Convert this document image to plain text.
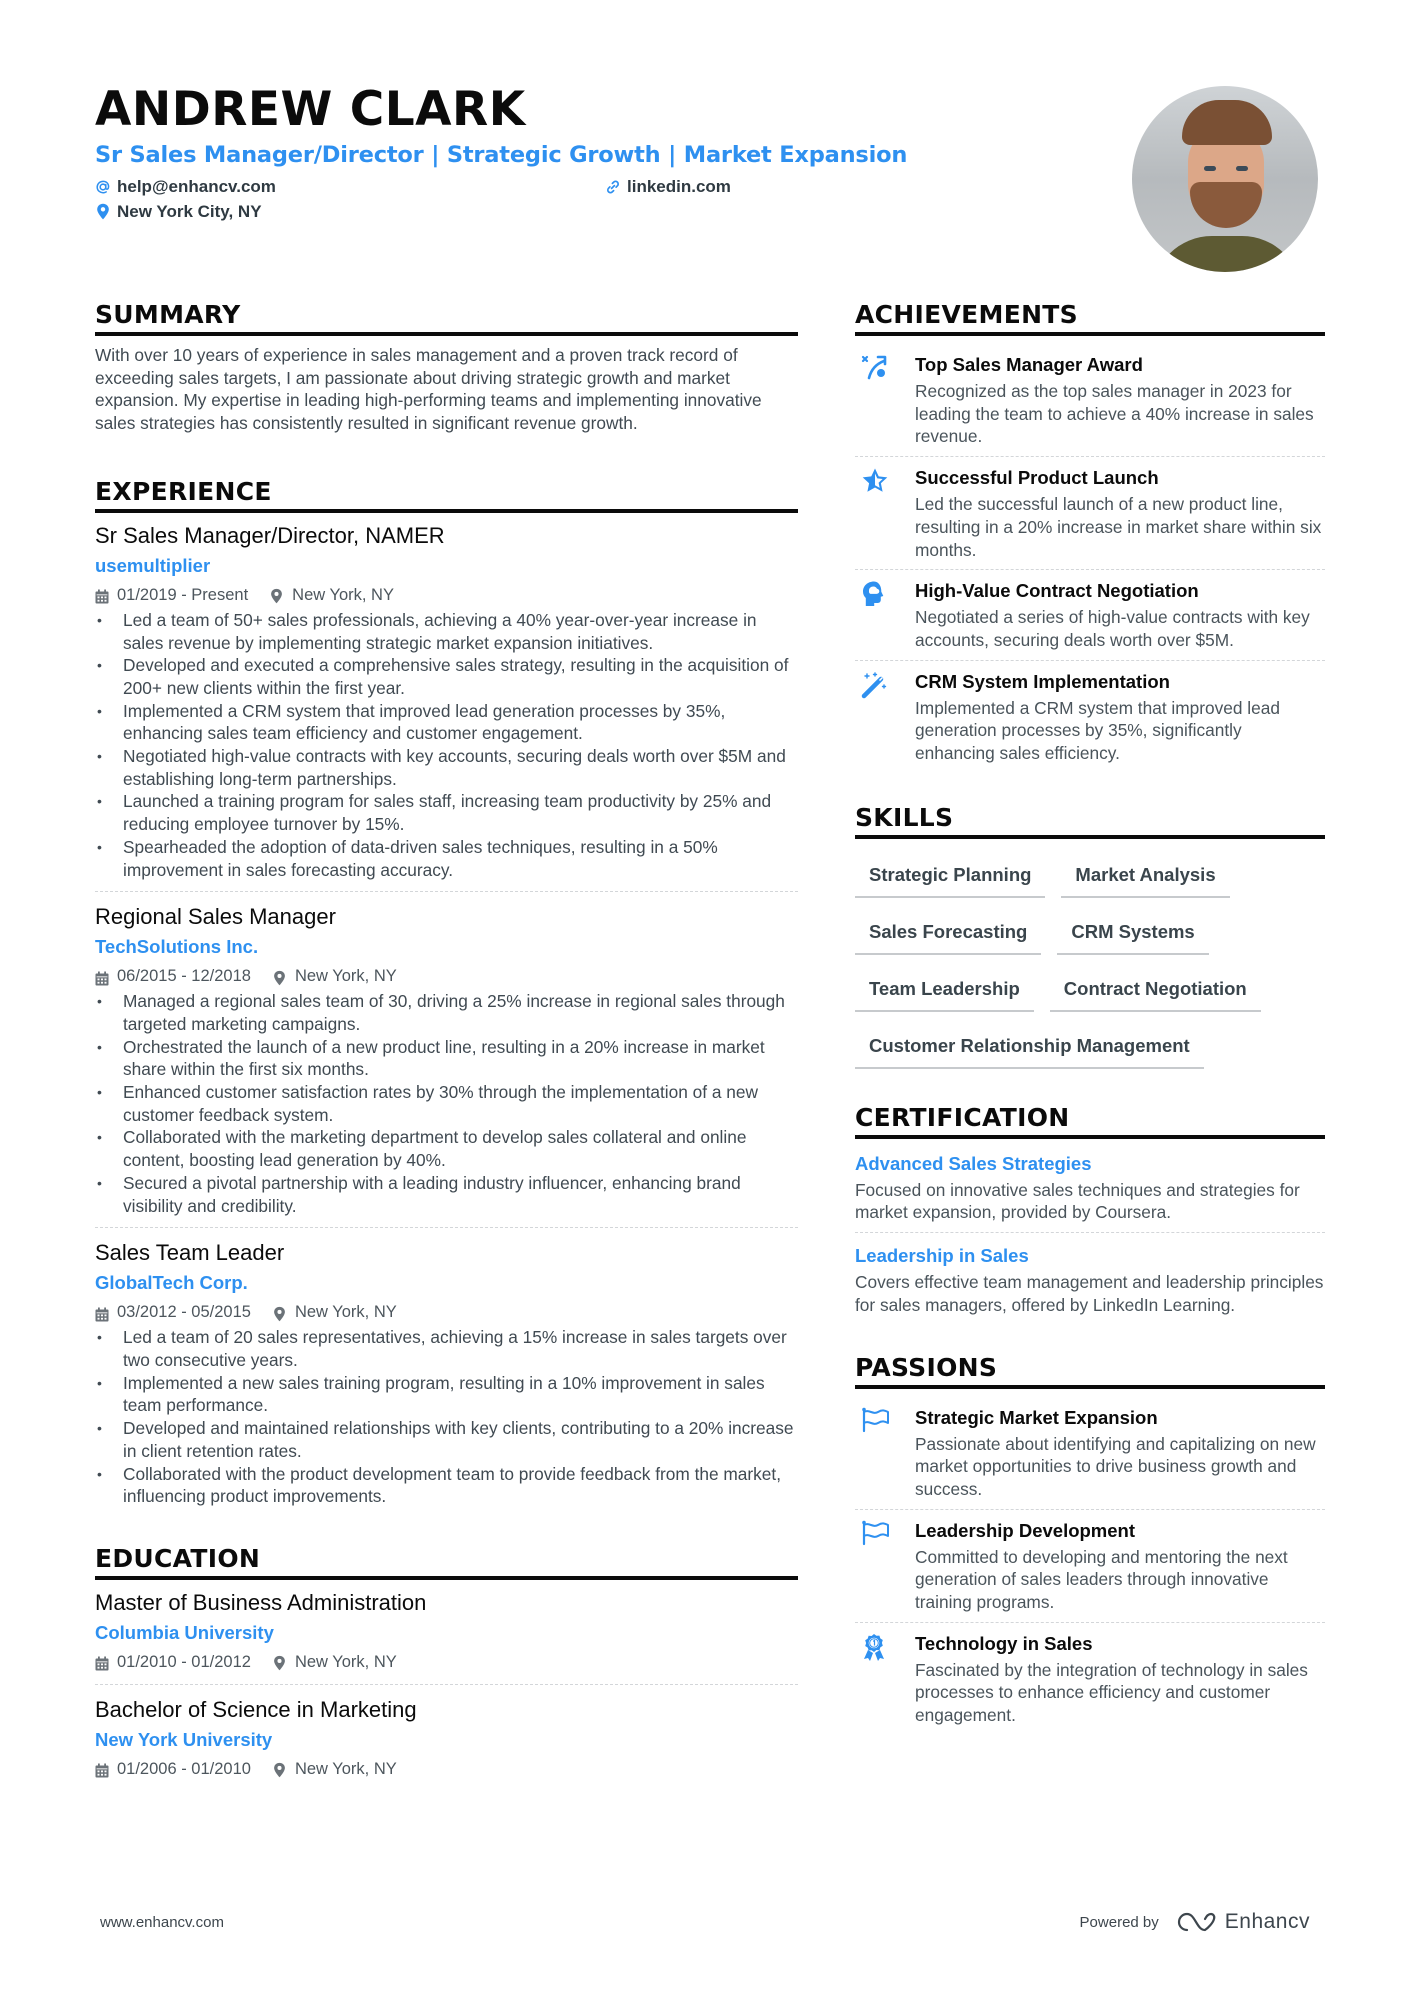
ANDREW CLARK
Sr Sales Manager/Director | Strategic Growth | Market Expansion
help@enhancv.com	linkedin.com
New York City, NY
SUMMARY

With over 10 years of experience in sales management and a proven track record of exceeding sales targets, I am passionate about driving strategic growth and market expansion. My expertise in leading high-performing teams and implementing innovative sales strategies has consistently resulted in significant revenue growth.

EXPERIENCE
Sr Sales Manager/Director, NAMER
usemultiplier
01/2019 - Present	New York, NY
• Led a team of 50+ sales professionals, achieving a 40% year-over-year increase in sales revenue by implementing strategic market expansion initiatives.
• Developed and executed a comprehensive sales strategy, resulting in the acquisition of 200+ new clients within the first year.
• Implemented a CRM system that improved lead generation processes by 35%, enhancing sales team efficiency and customer engagement.
• Negotiated high-value contracts with key accounts, securing deals worth over $5M and establishing long-term partnerships.
• Launched a training program for sales staff, increasing team productivity by 25% and reducing employee turnover by 15%.
• Spearheaded the adoption of data-driven sales techniques, resulting in a 50% improvement in sales forecasting accuracy.
Regional Sales Manager
TechSolutions Inc.
06/2015 - 12/2018	New York, NY
• Managed a regional sales team of 30, driving a 25% increase in regional sales through targeted marketing campaigns.
• Orchestrated the launch of a new product line, resulting in a 20% increase in market share within the first six months.
• Enhanced customer satisfaction rates by 30% through the implementation of a new customer feedback system.
• Collaborated with the marketing department to develop sales collateral and online content, boosting lead generation by 40%.
• Secured a pivotal partnership with a leading industry influencer, enhancing brand visibility and credibility.
Sales Team Leader
GlobalTech Corp.
03/2012 - 05/2015	New York, NY
• Led a team of 20 sales representatives, achieving a 15% increase in sales targets over two consecutive years.
• Implemented a new sales training program, resulting in a 10% improvement in sales team performance.
• Developed and maintained relationships with key clients, contributing to a 20% increase in client retention rates.
• Collaborated with the product development team to provide feedback from the market, influencing product improvements.
EDUCATION
Master of Business Administration
Columbia University
01/2010 - 01/2012	New York, NY
Bachelor of Science in Marketing
New York University
01/2006 - 01/2010	New York, NY
ACHIEVEMENTS
Top Sales Manager Award
Recognized as the top sales manager in 2023 for leading the team to achieve a 40% increase in sales revenue.
Successful Product Launch
Led the successful launch of a new product line, resulting in a 20% increase in market share within six months.
High-Value Contract Negotiation
Negotiated a series of high-value contracts with key accounts, securing deals worth over $5M.
CRM System Implementation
Implemented a CRM system that improved lead generation processes by 35%, significantly enhancing sales efficiency.
SKILLS
Strategic Planning	Market Analysis
Sales Forecasting	CRM Systems
Team Leadership	Contract Negotiation
Customer Relationship Management
CERTIFICATION
Advanced Sales Strategies
Focused on innovative sales techniques and strategies for market expansion, provided by Coursera.
Leadership in Sales
Covers effective team management and leadership principles for sales managers, offered by LinkedIn Learning.
PASSIONS
Strategic Market Expansion
Passionate about identifying and capitalizing on new market opportunities to drive business growth and success.
Leadership Development
Committed to developing and mentoring the next generation of sales leaders through innovative training programs.
Technology in Sales
Fascinated by the integration of technology in sales processes to enhance efficiency and customer engagement.
www.enhancv.com	Powered by	Enhancv
